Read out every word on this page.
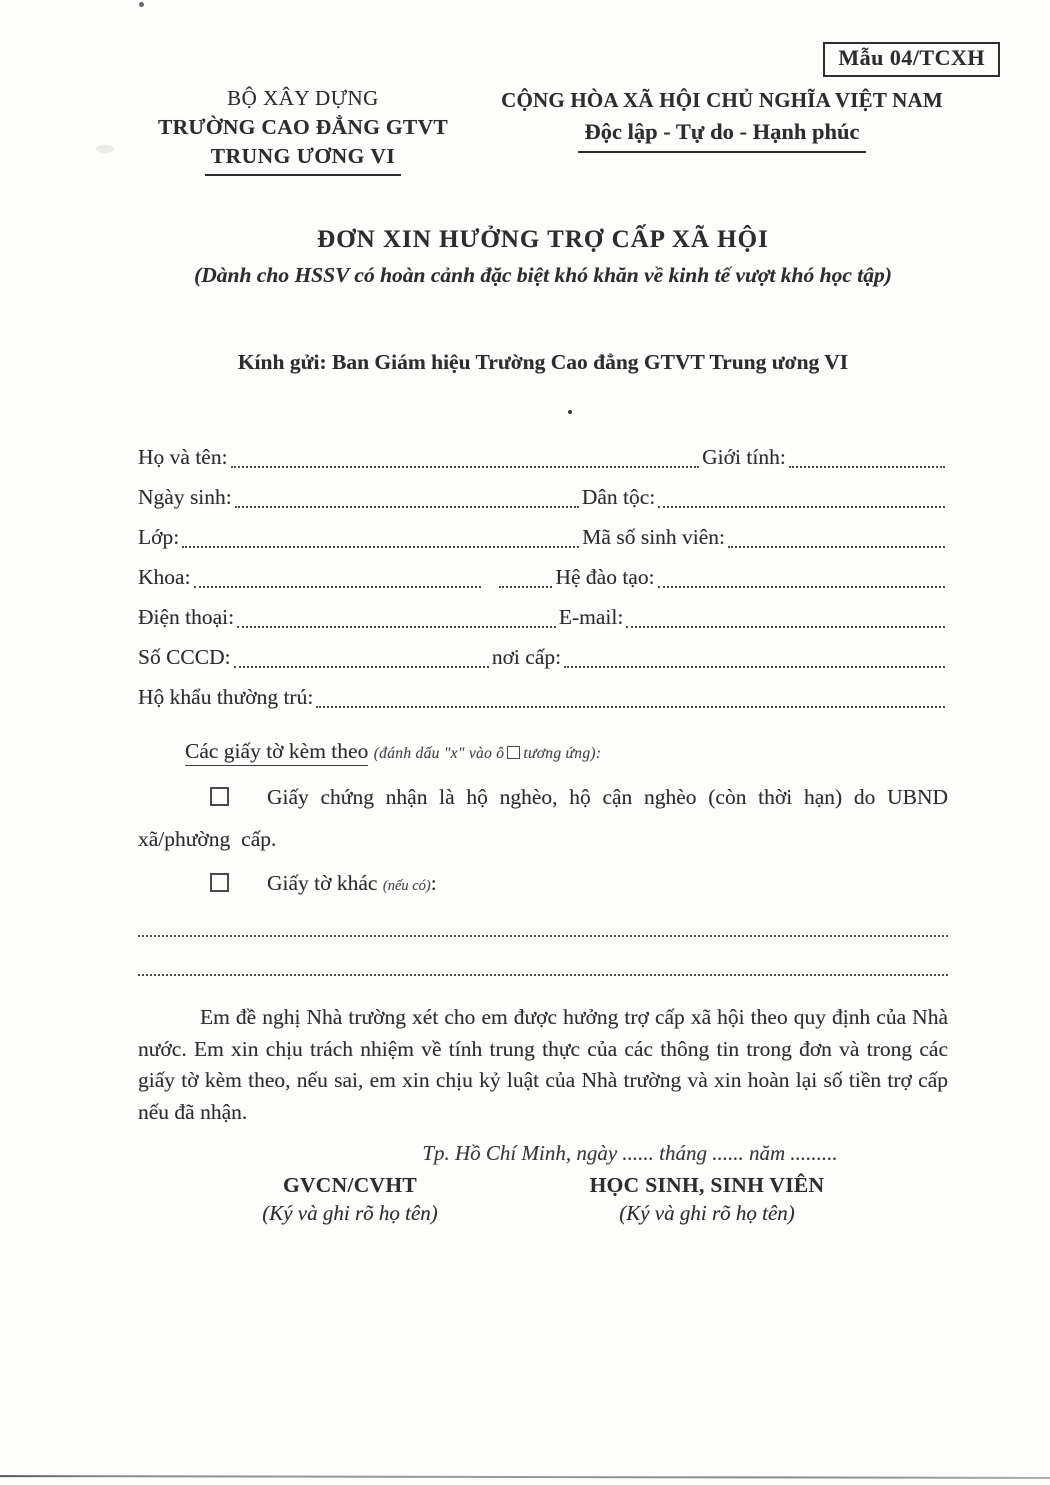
Mẫu 04/TCXH
BỘ XÂY DỰNG
TRƯỜNG CAO ĐẲNG GTVT
TRUNG ƯƠNG VI
CỘNG HÒA XÃ HỘI CHỦ NGHĨA VIỆT NAM
Độc lập - Tự do - Hạnh phúc
ĐƠN XIN HƯỞNG TRỢ CẤP XÃ HỘI
(Dành cho HSSV có hoàn cảnh đặc biệt khó khăn về kinh tế vượt khó học tập)
Kính gửi: Ban Giám hiệu Trường Cao đẳng GTVT Trung ương VI
Họ và tên:	Giới tính:
Ngày sinh:	Dân tộc:
Lớp:	Mã số sinh viên:
Khoa:	Hệ đào tạo:
Điện thoại:	E-mail:
Số CCCD:	nơi cấp:
Hộ khẩu thường trú:
Các giấy tờ kèm theo (đánh dấu "x" vào ô tương ứng):

Giấy chứng nhận là hộ nghèo, hộ cận nghèo (còn thời hạn) do UBND xã/phường cấp.

Giấy tờ khác (nếu có):

Em đề nghị Nhà trường xét cho em được hưởng trợ cấp xã hội theo quy định của Nhà nước. Em xin chịu trách nhiệm về tính trung thực của các thông tin trong đơn và trong các giấy tờ kèm theo, nếu sai, em xin chịu kỷ luật của Nhà trường và xin hoàn lại số tiền trợ cấp nếu đã nhận.

Tp. Hồ Chí Minh, ngày ...... tháng ...... năm .........
GVCN/CVHT
(Ký và ghi rõ họ tên)
HỌC SINH, SINH VIÊN
(Ký và ghi rõ họ tên)
